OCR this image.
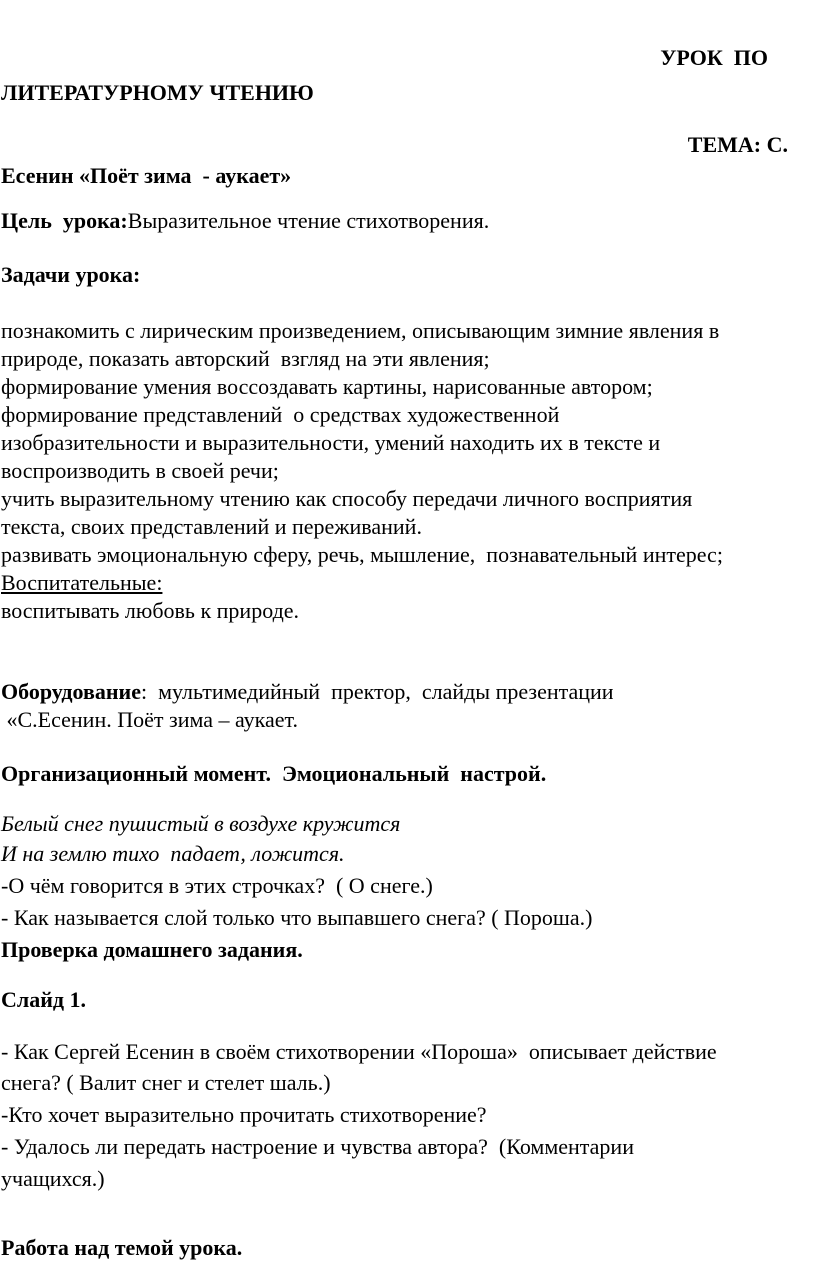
УРОК  ПО
ЛИТЕРАТУРНОМУ ЧТЕНИЮ
ТЕМА: С.
Есенин «Поёт зима  - аукает»
Цель  урока:Выразительное чтение стихотворения.
Задачи урока:
познакомить с лирическим произведением, описывающим зимние явления в
природе, показать авторский  взгляд на эти явления;
формирование умения воссоздавать картины, нарисованные автором;
формирование представлений  о средствах художественной
изобразительности и выразительности, умений находить их в тексте и
воспроизводить в своей речи;
учить выразительному чтению как способу передачи личного восприятия
текста, своих представлений и переживаний.
развивать эмоциональную сферу, речь, мышление,  познавательный интерес;
Воспитательные:
воспитывать любовь к природе.
Оборудование:  мультимедийный  пректор,  слайды презентации
«С.Есенин. Поёт зима – аукает.
Организационный момент.  Эмоциональный  настрой.
Белый снег пушистый в воздухе кружится
И на землю тихо  падает, ложится.
-О чём говорится в этих строчках?  ( О снеге.)
- Как называется слой только что выпавшего снега? ( Пороша.)
Проверка домашнего задания.
Слайд 1.
- Как Сергей Есенин в своём стихотворении «Пороша»  описывает действие
снега? ( Валит снег и стелет шаль.)
-Кто хочет выразительно прочитать стихотворение?
- Удалось ли передать настроение и чувства автора?  (Комментарии
учащихся.)
Работа над темой урока.
